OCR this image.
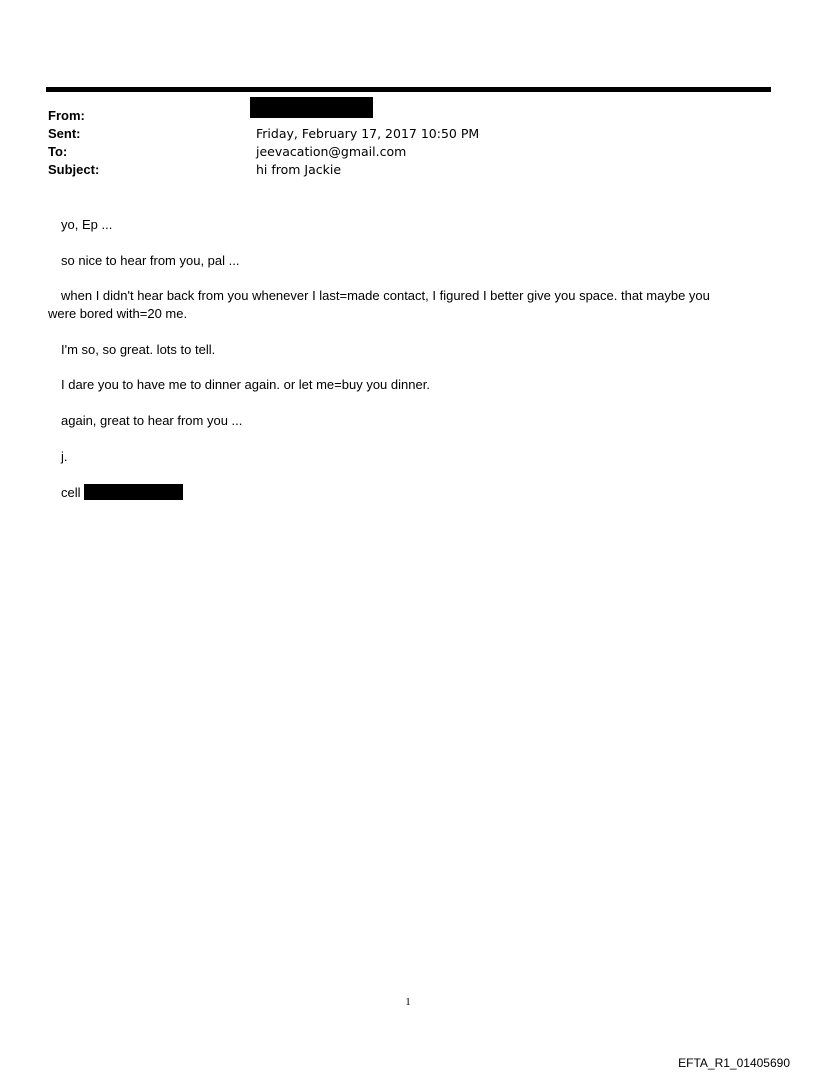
From:
Sent:	Friday, February 17, 2017 10:50 PM
To:	jeevacation@gmail.com
Subject:	hi from Jackie
yo, Ep ...
so nice to hear from you, pal ...
when I didn't hear back from you whenever I last=made contact, I figured I better give you space. that maybe you
were bored with=20 me.
I'm so, so great. lots to tell.
I dare you to have me to dinner again. or let me=buy you dinner.
again, great to hear from you ...
j.
cell
1
EFTA_R1_01405690
